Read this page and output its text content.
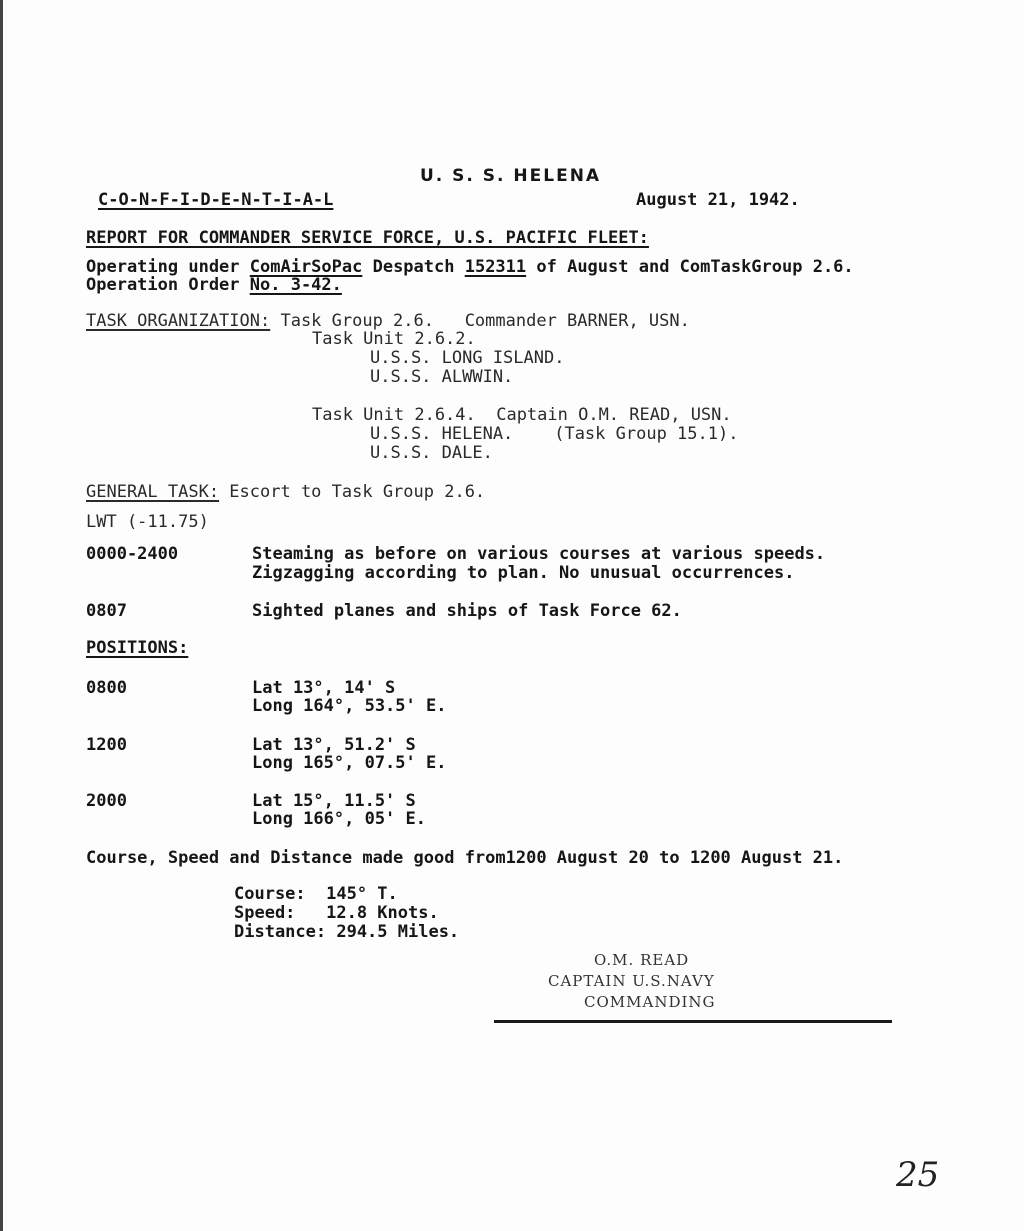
U. S. S. HELENA
C-O-N-F-I-D-E-N-T-I-A-L	August 21, 1942.
REPORT FOR COMMANDER SERVICE FORCE, U.S. PACIFIC FLEET:
Operating under ComAirSoPac Despatch 152311 of August and ComTaskGroup 2.6.
Operation Order No. 3-42.
TASK ORGANIZATION: Task Group 2.6.   Commander BARNER, USN.
Task Unit 2.6.2.
U.S.S. LONG ISLAND.
U.S.S. ALWWIN.
Task Unit 2.6.4.  Captain O.M. READ, USN.
U.S.S. HELENA.    (Task Group 15.1).
U.S.S. DALE.
GENERAL TASK: Escort to Task Group 2.6.
LWT (-11.75)
0000-2400	Steaming as before on various courses at various speeds.
Zigzagging according to plan. No unusual occurrences.
0807	Sighted planes and ships of Task Force 62.
POSITIONS:
0800	Lat 13°, 14' S
Long 164°, 53.5' E.
1200	Lat 13°, 51.2' S
Long 165°, 07.5' E.
2000	Lat 15°, 11.5' S
Long 166°, 05' E.
Course, Speed and Distance made good from1200 August 20 to 1200 August 21.
Course:  145° T.
Speed:   12.8 Knots.
Distance: 294.5 Miles.
O.M. READ
CAPTAIN U.S.NAVY
COMMANDING
25
